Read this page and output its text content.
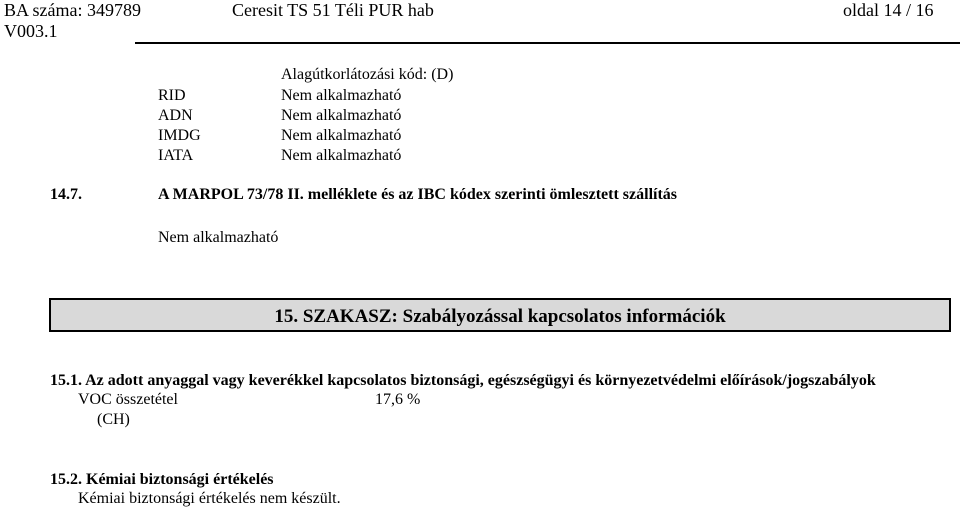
BA száma: 349789
V003.1
Ceresit TS 51 Téli PUR hab	oldal 14 / 16
Alagútkorlátozási kód: (D)
RID	Nem alkalmazható
ADN	Nem alkalmazható
IMDG	Nem alkalmazható
IATA	Nem alkalmazható
14.7.	A MARPOL 73/78 II. melléklete és az IBC kódex szerinti ömlesztett szállítás
Nem alkalmazható
15. SZAKASZ: Szabályozással kapcsolatos információk
15.1. Az adott anyaggal vagy keverékkel kapcsolatos biztonsági, egészségügyi és környezetvédelmi előírások/jogszabályok
VOC összetétel	17,6 %
(CH)
15.2. Kémiai biztonsági értékelés
Kémiai biztonsági értékelés nem készült.
